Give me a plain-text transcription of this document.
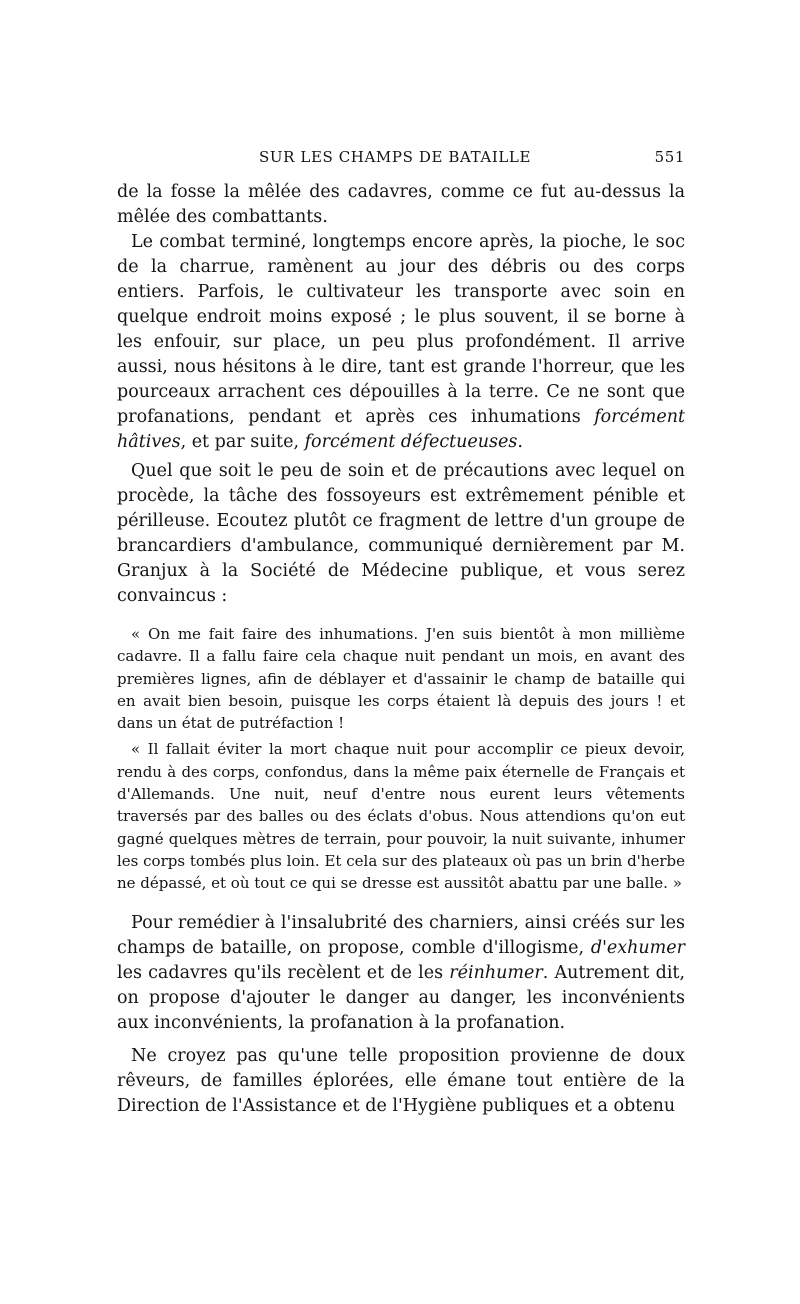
SUR LES CHAMPS DE BATAILLE	551

de la fosse la mêlée des cadavres, comme ce fut au-dessus la mêlée des combattants.

Le combat terminé, longtemps encore après, la pioche, le soc de la charrue, ramènent au jour des débris ou des corps entiers. Parfois, le cultivateur les transporte avec soin en quelque endroit moins exposé ; le plus souvent, il se borne à les enfouir, sur place, un peu plus profondément. Il arrive aussi, nous hésitons à le dire, tant est grande l'horreur, que les pourceaux arrachent ces dépouilles à la terre. Ce ne sont que profanations, pendant et après ces inhumations forcément hâtives, et par suite, forcément défectueuses.

Quel que soit le peu de soin et de précautions avec lequel on procède, la tâche des fossoyeurs est extrêmement pénible et périlleuse. Ecoutez plutôt ce fragment de lettre d'un groupe de brancardiers d'ambulance, communiqué dernièrement par M. Granjux à la Société de Médecine publique, et vous serez convaincus :

« On me fait faire des inhumations. J'en suis bientôt à mon millième cadavre. Il a fallu faire cela chaque nuit pendant un mois, en avant des premières lignes, afin de déblayer et d'assainir le champ de bataille qui en avait bien besoin, puisque les corps étaient là depuis des jours ! et dans un état de putréfaction !

« Il fallait éviter la mort chaque nuit pour accomplir ce pieux devoir, rendu à des corps, confondus, dans la même paix éternelle de Français et d'Allemands. Une nuit, neuf d'entre nous eurent leurs vêtements traversés par des balles ou des éclats d'obus. Nous attendions qu'on eut gagné quelques mètres de terrain, pour pouvoir, la nuit suivante, inhumer les corps tombés plus loin. Et cela sur des plateaux où pas un brin d'herbe ne dépassé, et où tout ce qui se dresse est aussitôt abattu par une balle. »

Pour remédier à l'insalubrité des charniers, ainsi créés sur les champs de bataille, on propose, comble d'illogisme, d'exhumer les cadavres qu'ils recèlent et de les réinhumer. Autrement dit, on propose d'ajouter le danger au danger, les inconvénients aux inconvénients, la profanation à la profanation.

Ne croyez pas qu'une telle proposition provienne de doux rêveurs, de familles éplorées, elle émane tout entière de la Direction de l'Assistance et de l'Hygiène publiques et a obtenu
